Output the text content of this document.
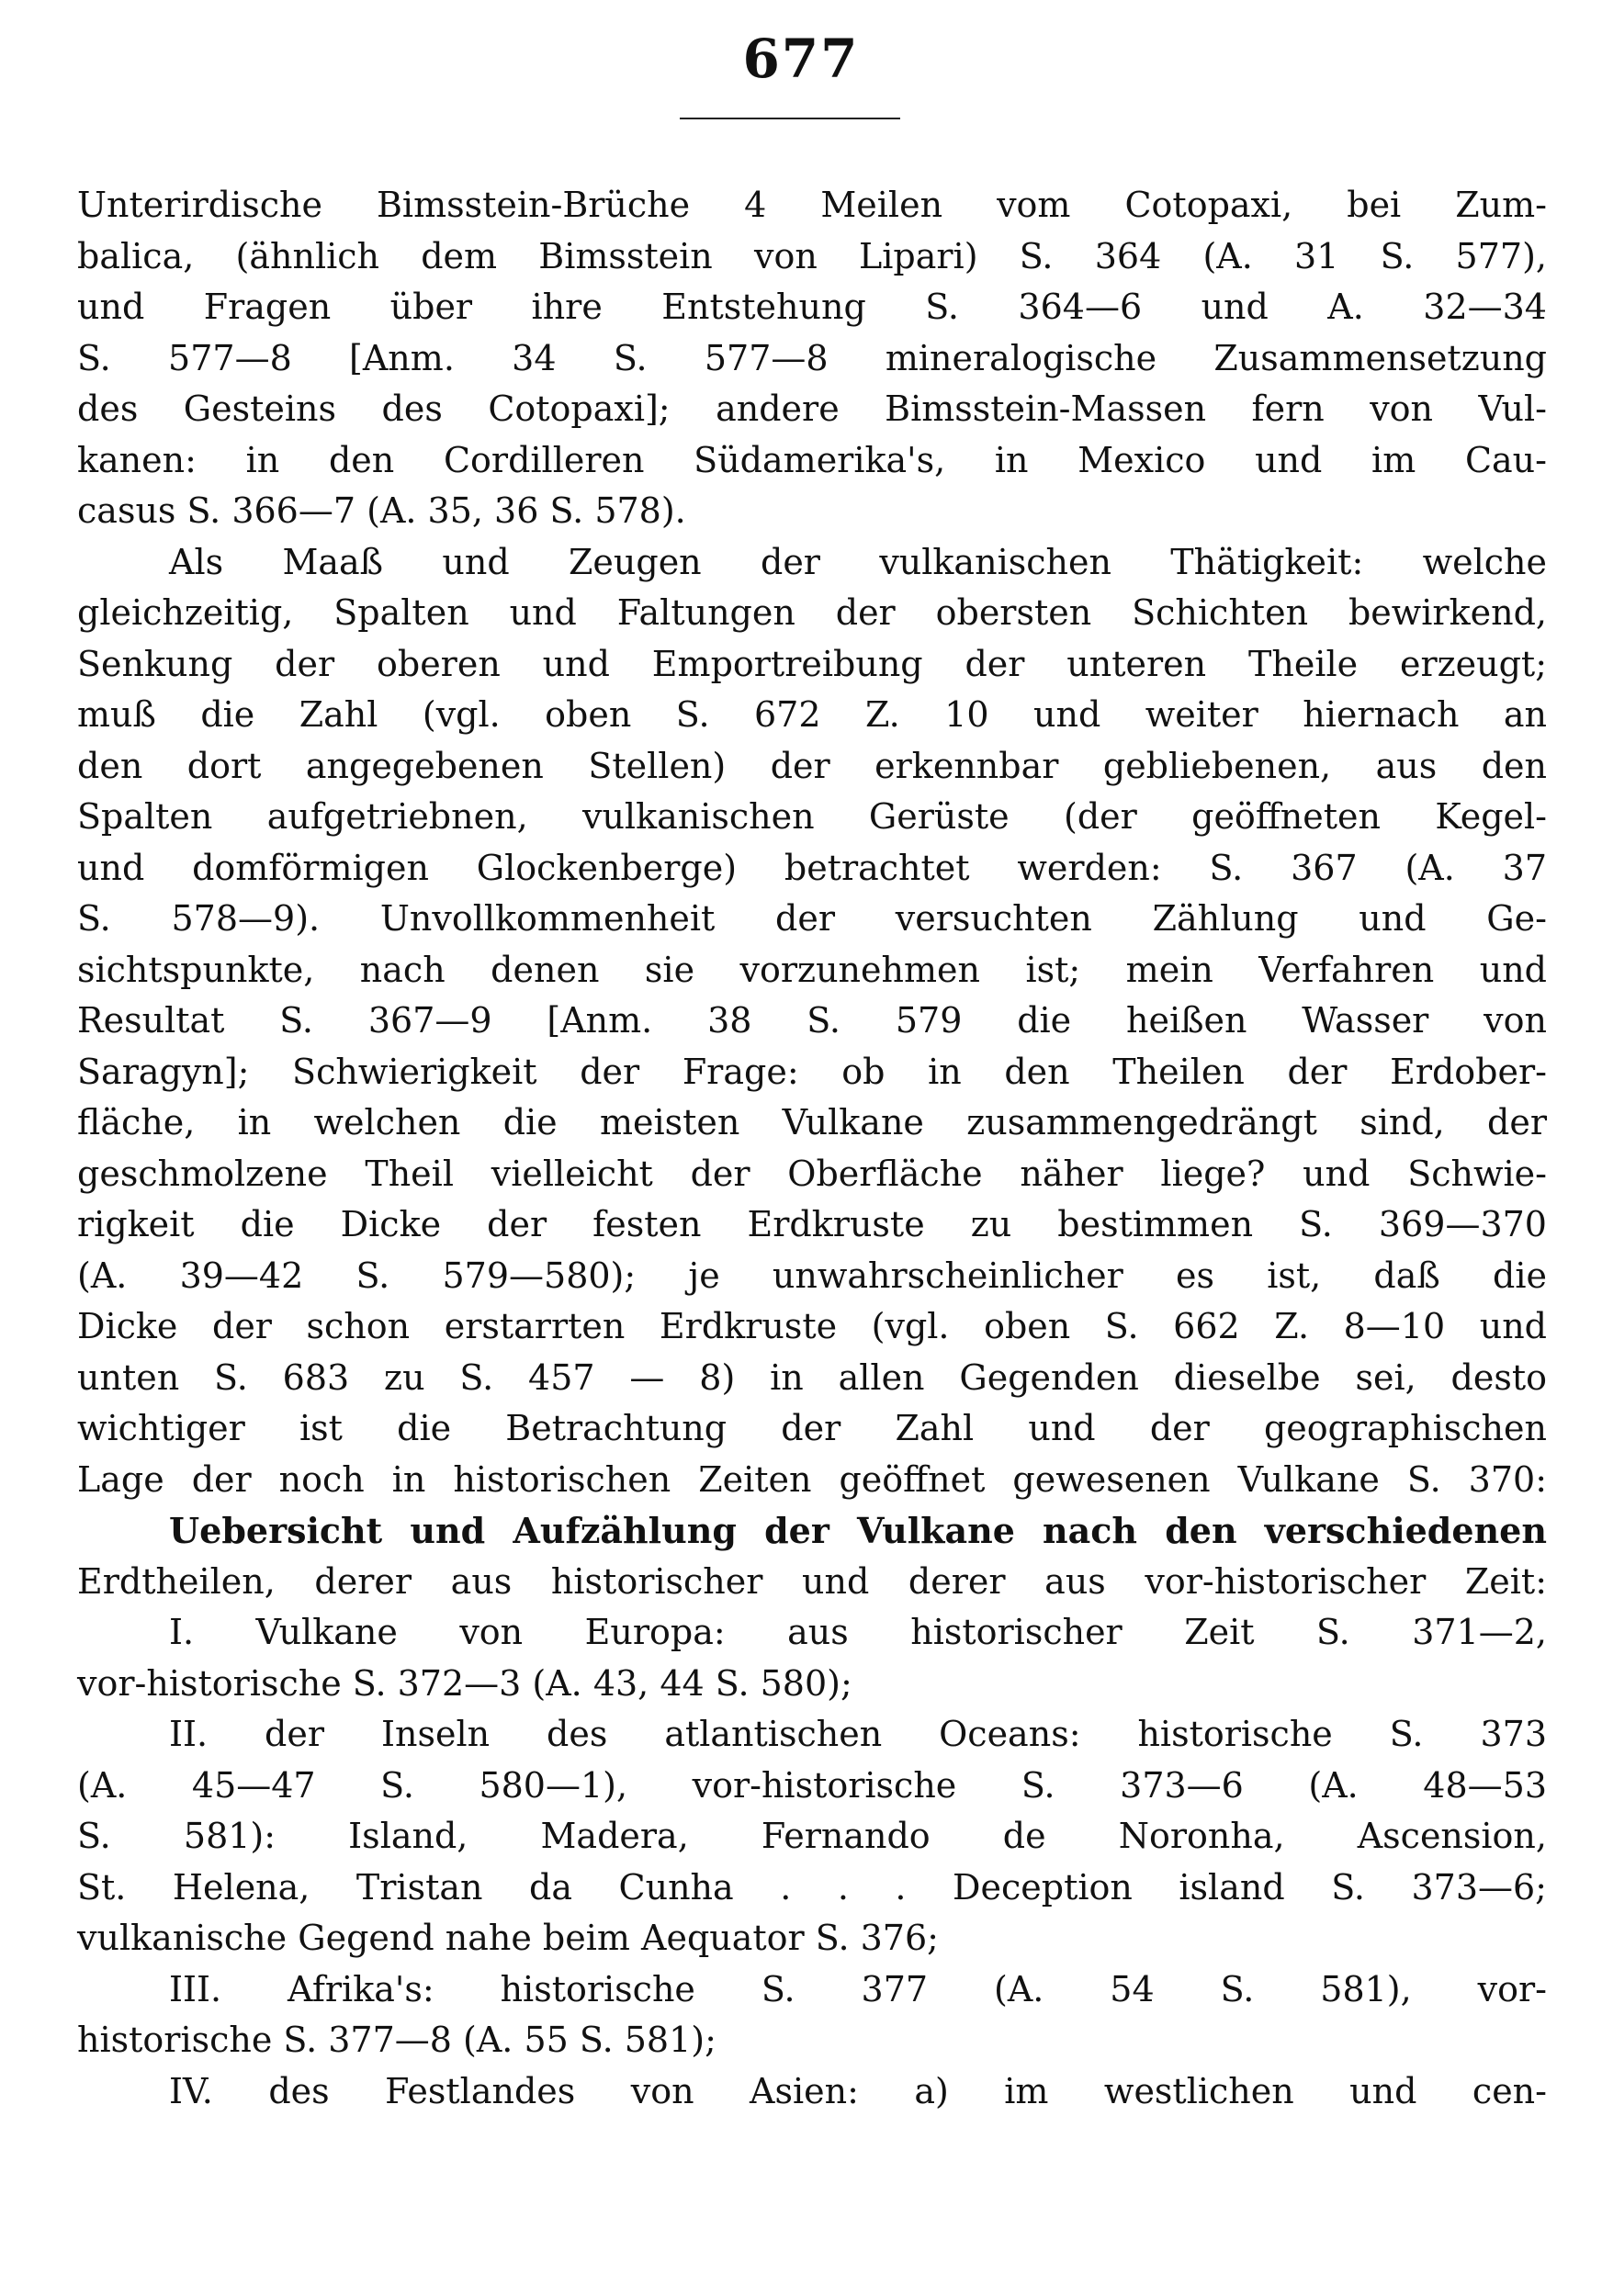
677
Unterirdische Bimsstein-Brüche 4 Meilen vom Cotopaxi, bei Zum-
balica, (ähnlich dem Bimsstein von Lipari) S. 364 (A. 31 S. 577),
und Fragen über ihre Entstehung S. 364—6 und A. 32—34
S. 577—8 [Anm. 34 S. 577—8 mineralogische Zusammensetzung
des Gesteins des Cotopaxi]; andere Bimsstein-Massen fern von Vul-
kanen: in den Cordilleren Südamerika's, in Mexico und im Cau-
casus S. 366—7 (A. 35, 36 S. 578).
Als Maaß und Zeugen der vulkanischen Thätigkeit: welche
gleichzeitig, Spalten und Faltungen der obersten Schichten bewirkend,
Senkung der oberen und Emportreibung der unteren Theile erzeugt;
muß die Zahl (vgl. oben S. 672 Z. 10 und weiter hiernach an
den dort angegebenen Stellen) der erkennbar gebliebenen, aus den
Spalten aufgetriebnen, vulkanischen Gerüste (der geöffneten Kegel-
und domförmigen Glockenberge) betrachtet werden: S. 367 (A. 37
S. 578—9). Unvollkommenheit der versuchten Zählung und Ge-
sichtspunkte, nach denen sie vorzunehmen ist; mein Verfahren und
Resultat S. 367—9 [Anm. 38 S. 579 die heißen Wasser von
Saragyn]; Schwierigkeit der Frage: ob in den Theilen der Erdober-
fläche, in welchen die meisten Vulkane zusammengedrängt sind, der
geschmolzene Theil vielleicht der Oberfläche näher liege? und Schwie-
rigkeit die Dicke der festen Erdkruste zu bestimmen S. 369—370
(A. 39—42 S. 579—580); je unwahrscheinlicher es ist, daß die
Dicke der schon erstarrten Erdkruste (vgl. oben S. 662 Z. 8—10 und
unten S. 683 zu S. 457 — 8) in allen Gegenden dieselbe sei, desto
wichtiger ist die Betrachtung der Zahl und der geographischen
Lage der noch in historischen Zeiten geöffnet gewesenen Vulkane S. 370:
Uebersicht und Aufzählung der Vulkane nach den verschiedenen
Erdtheilen, derer aus historischer und derer aus vor-historischer Zeit:
I. Vulkane von Europa: aus historischer Zeit S. 371—2,
vor-historische S. 372—3 (A. 43, 44 S. 580);
II. der Inseln des atlantischen Oceans: historische S. 373
(A. 45—47 S. 580—1), vor-historische S. 373—6 (A. 48—53
S. 581): Island, Madera, Fernando de Noronha, Ascension,
St. Helena, Tristan da Cunha . . . Deception island S. 373—6;
vulkanische Gegend nahe beim Aequator S. 376;
III. Afrika's: historische S. 377 (A. 54 S. 581), vor-
historische S. 377—8 (A. 55 S. 581);
IV. des Festlandes von Asien: a) im westlichen und cen-
